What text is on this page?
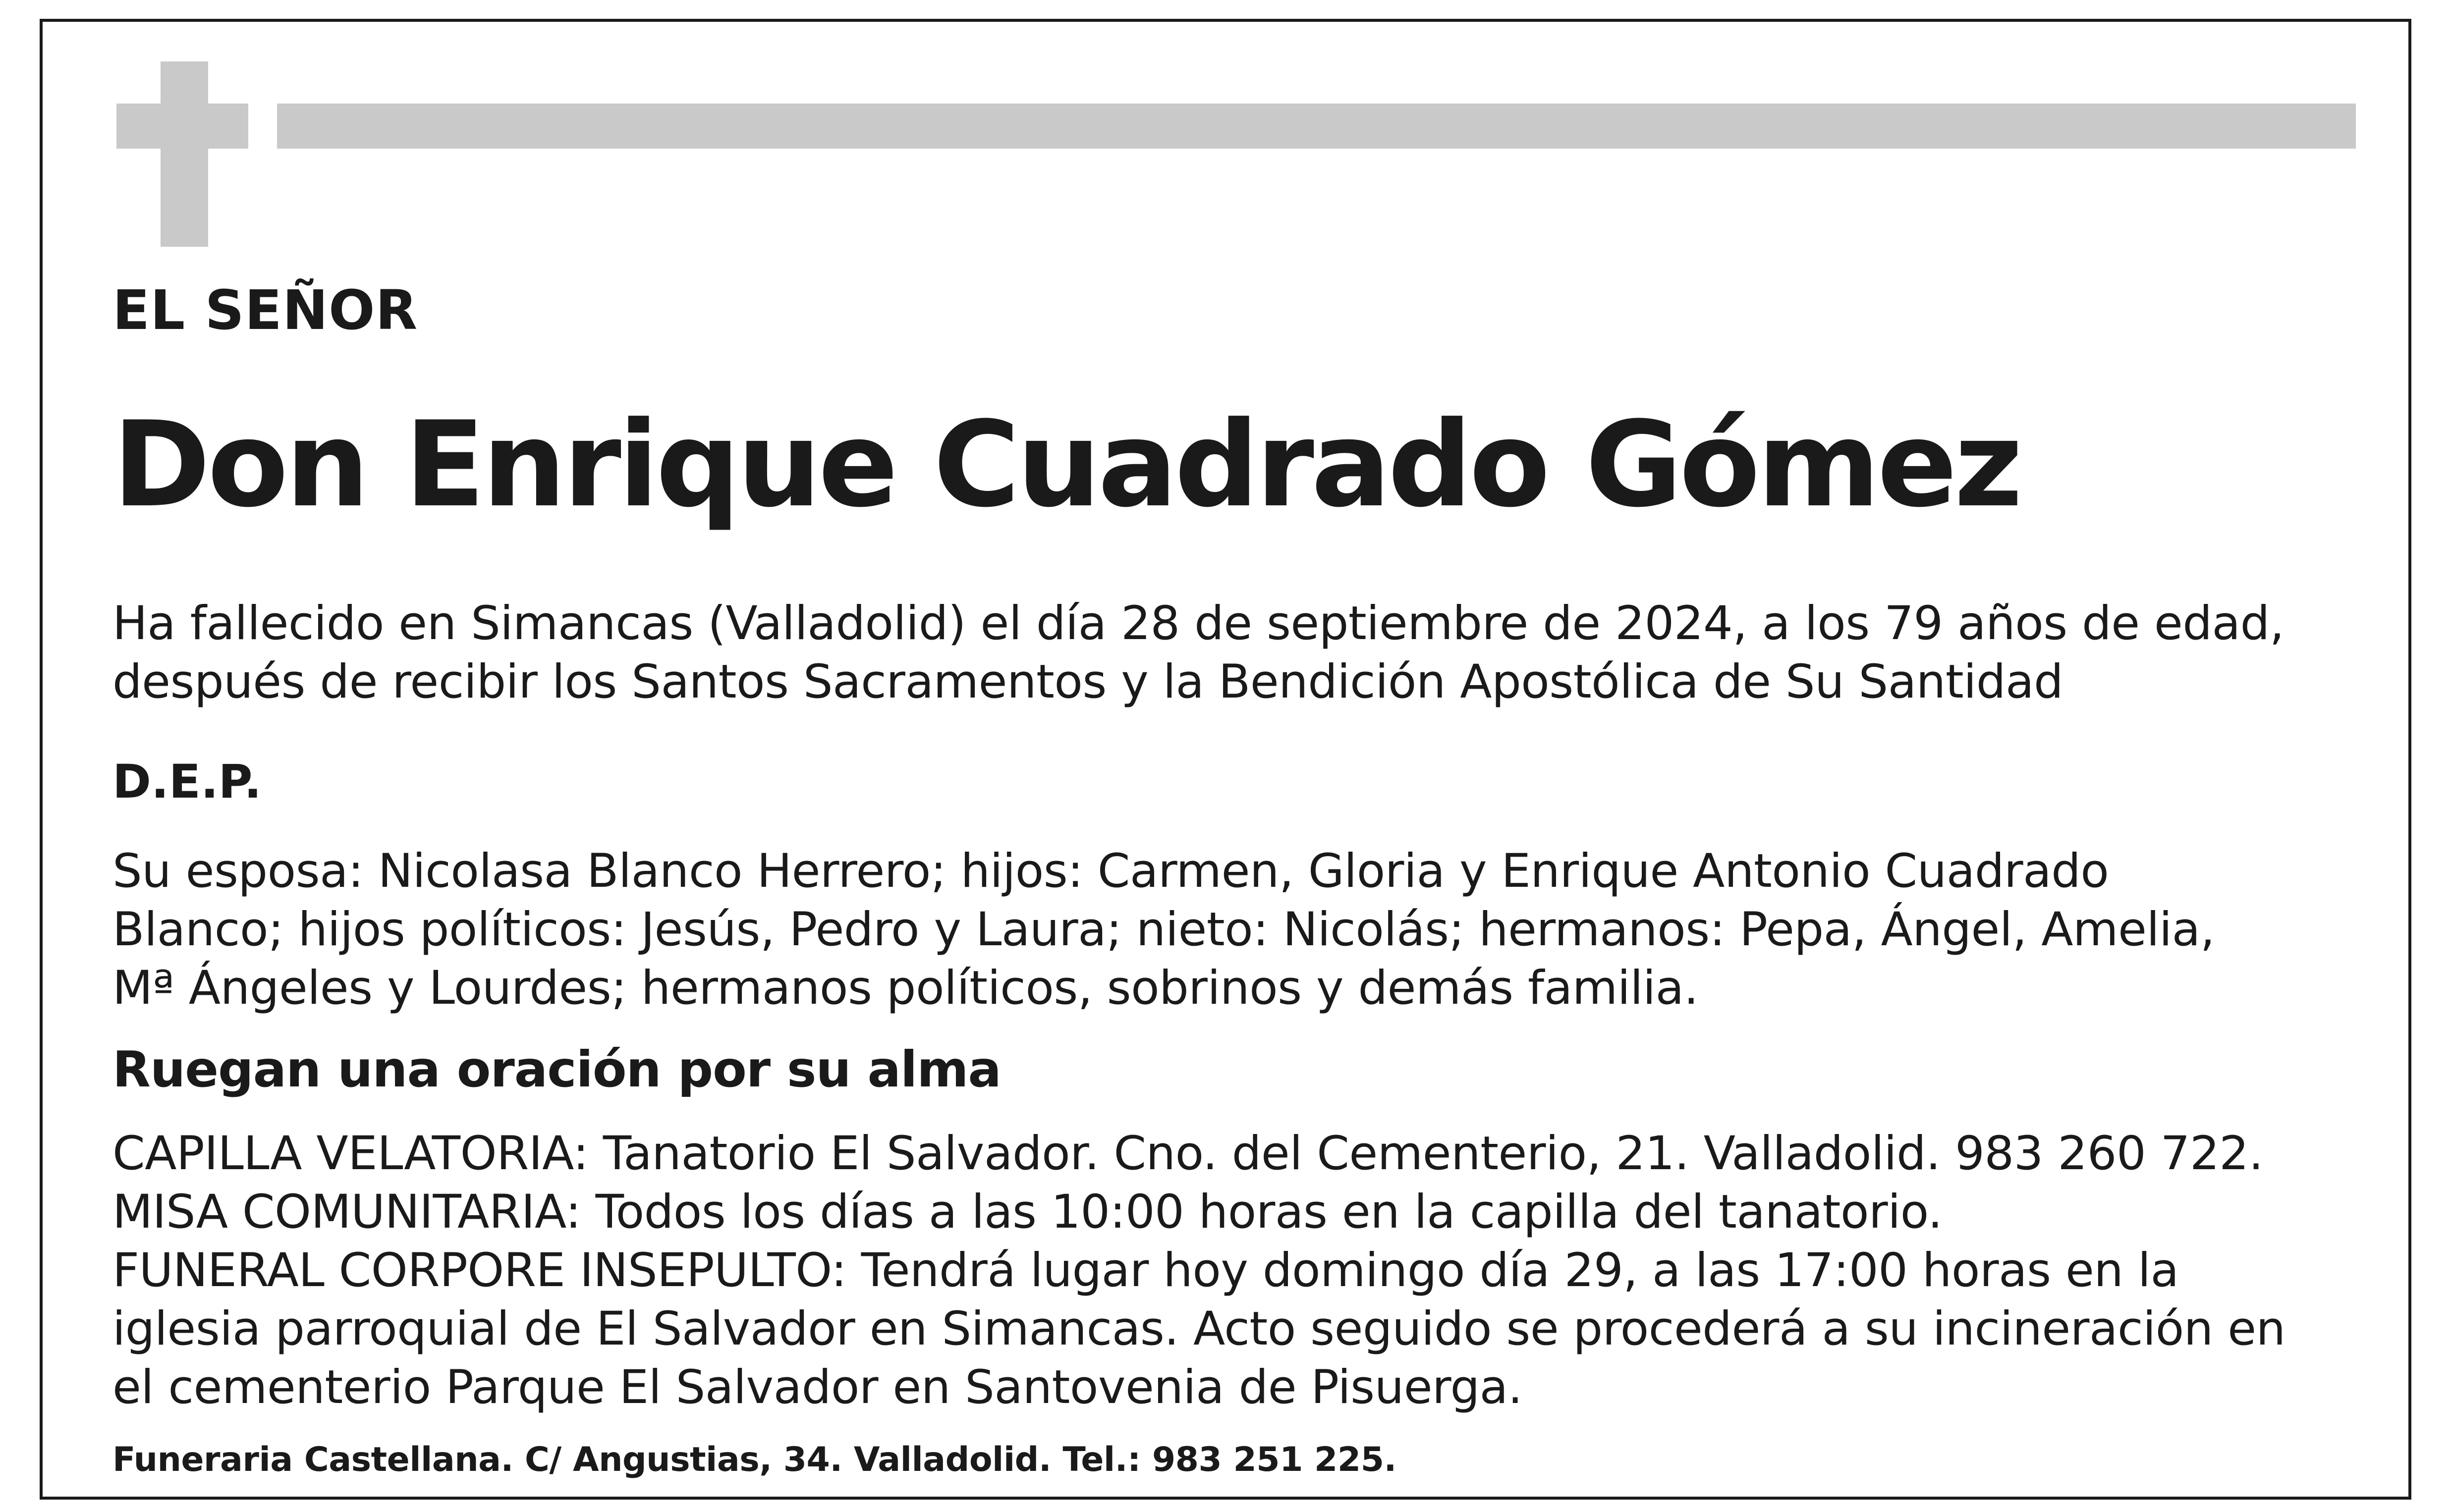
EL SEÑOR

Don Enrique Cuadrado Gómez

Ha fallecido en Simancas (Valladolid) el día 28 de septiembre de 2024, a los 79 años de edad,
después de recibir los Santos Sacramentos y la Bendición Apostólica de Su Santidad

D.E.P.

Su esposa: Nicolasa Blanco Herrero; hijos: Carmen, Gloria y Enrique Antonio Cuadrado
Blanco; hijos políticos: Jesús, Pedro y Laura; nieto: Nicolás; hermanos: Pepa, Ángel, Amelia,
Mª Ángeles y Lourdes; hermanos políticos, sobrinos y demás familia.

Ruegan una oración por su alma

CAPILLA VELATORIA: Tanatorio El Salvador. Cno. del Cementerio, 21. Valladolid. 983 260 722.
MISA COMUNITARIA: Todos los días a las 10:00 horas en la capilla del tanatorio.
FUNERAL CORPORE INSEPULTO: Tendrá lugar hoy domingo día 29, a las 17:00 horas en la
iglesia parroquial de El Salvador en Simancas. Acto seguido se procederá a su incineración en
el cementerio Parque El Salvador en Santovenia de Pisuerga.

Funeraria Castellana. C/ Angustias, 34. Valladolid. Tel.: 983 251 225.
